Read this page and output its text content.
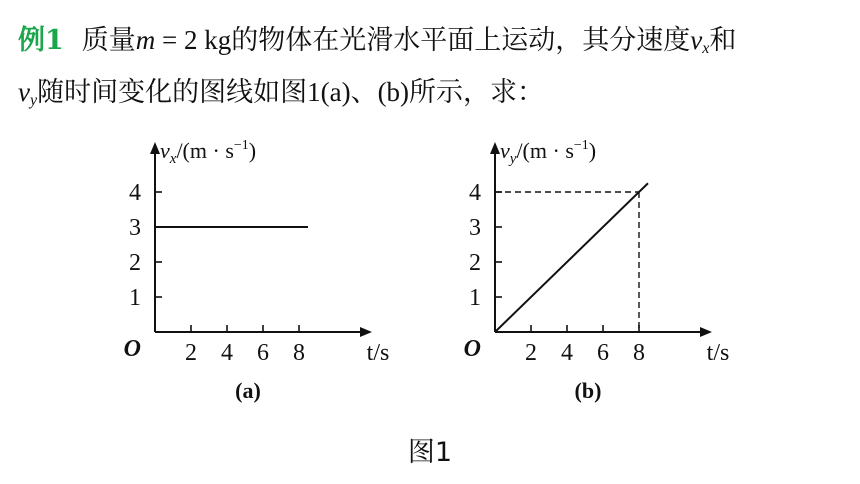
例1 质量m = 2 kg的物体在光滑水平面上运动，其分速度$v_x$和
$v_y$随时间变化的图线如图1(a)、(b)所示，求：
2 4 6 8
1
2
3
4
O	t/s
$v_x/(m \cdot s^{-1})$
(a)
2 4 6 8
1
2
3
4
O	t/s
$v_y/(m \cdot s^{-1})$
(b)
图1
